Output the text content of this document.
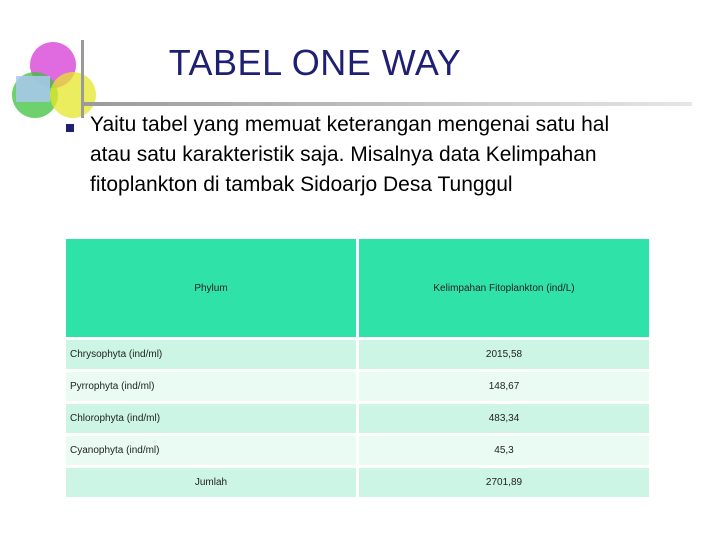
TABEL ONE WAY
Yaitu tabel yang memuat keterangan mengenai satu hal atau satu karakteristik saja. Misalnya data Kelimpahan fitoplankton di tambak Sidoarjo Desa Tunggul
Phylum	Kelimpahan Fitoplankton (ind/L)
Chrysophyta (ind/ml)	2015,58
Pyrrophyta (ind/ml)	148,67
Chlorophyta (ind/ml)	483,34
Cyanophyta (ind/ml)	45,3
Jumlah	2701,89
